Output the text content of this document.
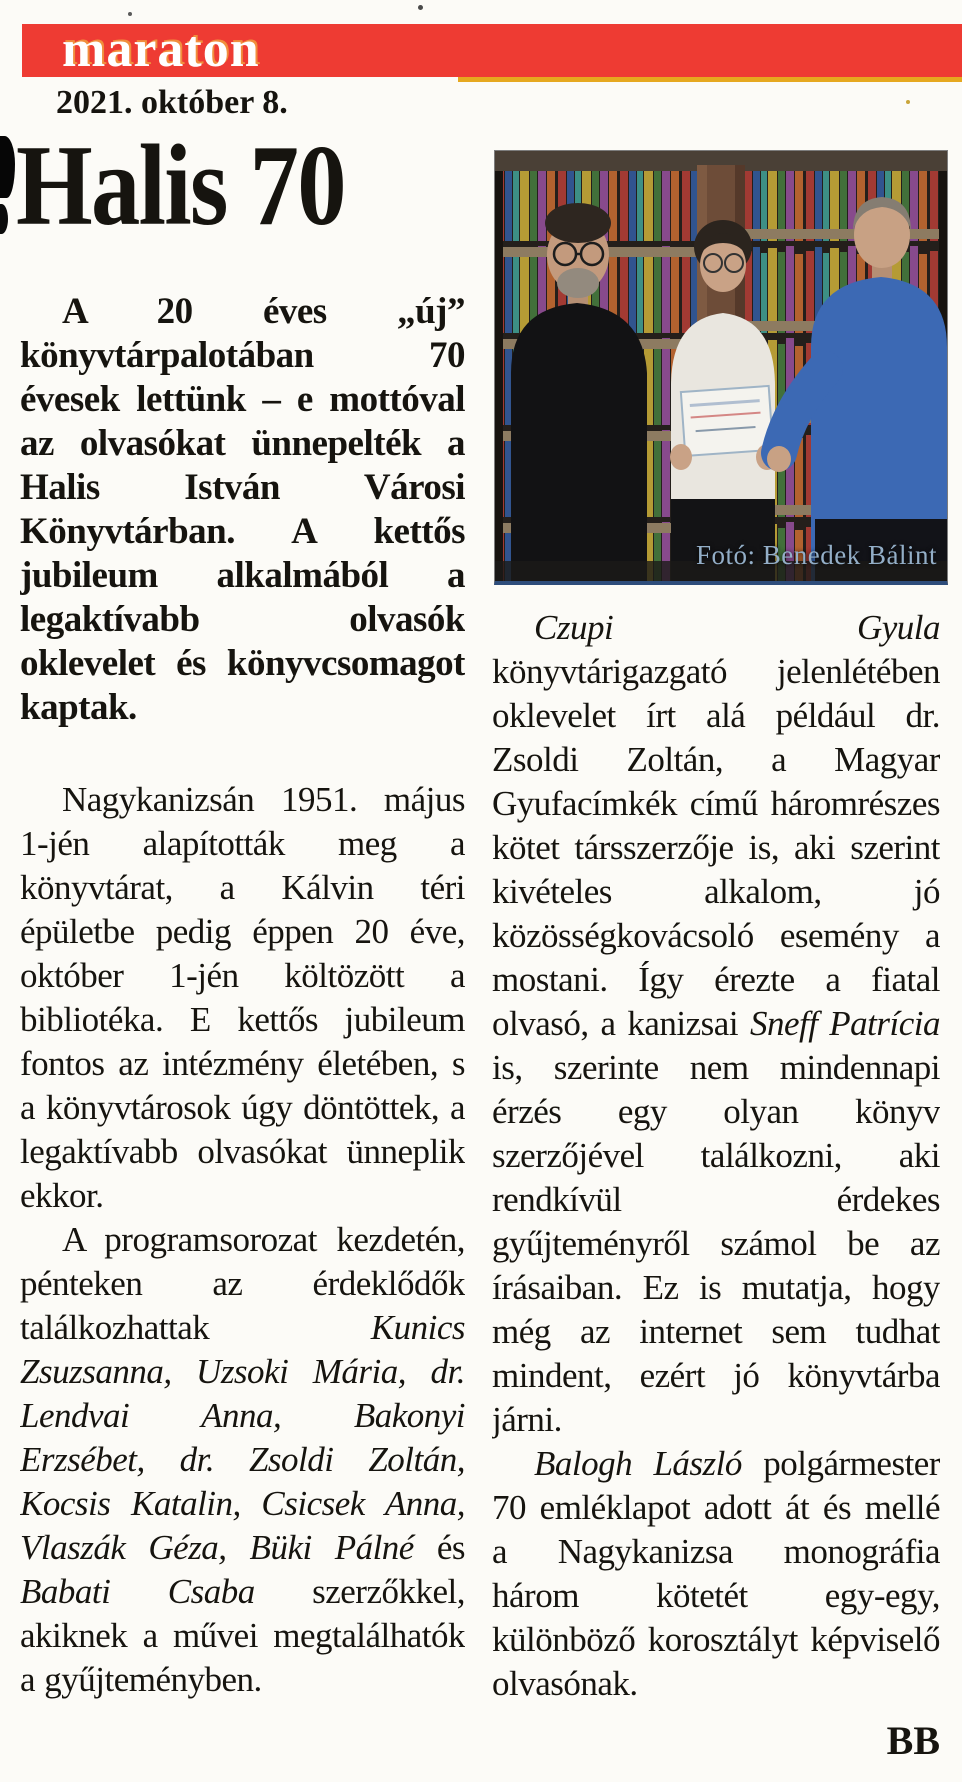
maraton
2021. október 8.
Halis 70
Fotó: Benedek Bálint

A 20 éves „új” könyvtárpalotában 70 évesek lettünk – e mottóval az olvasókat ünnepelték a Halis István Városi Könyvtárban. A kettős jubileum alkalmából a legaktívabb olvasók oklevelet és könyvcsomagot kaptak.

Nagykanizsán 1951. május 1-jén alapították meg a könyvtárat, a Kálvin téri épületbe pedig éppen 20 éve, október 1-jén költözött a bibliotéka. E kettős jubileum fontos az intézmény életében, s a könyvtárosok úgy döntöttek, a legaktívabb olvasókat ünneplik ekkor.

A programsorozat kezdetén, pénteken az érdeklődők találkozhattak Kunics Zsuzsanna, Uzsoki Mária, dr. Lendvai Anna, Bakonyi Erzsébet, dr. Zsoldi Zoltán, Kocsis Katalin, Csicsek Anna, Vlaszák Géza, Büki Pálné és Babati Csaba szerzőkkel, akiknek a művei megtalálhatók a gyűjteményben.

Czupi Gyula könyvtárigazgató jelenlétében oklevelet írt alá például dr. Zsoldi Zoltán, a Magyar Gyufacímkék című háromrészes kötet társszerzője is, aki szerint kivételes alkalom, jó közösségkovácsoló esemény a mostani. Így érezte a fiatal olvasó, a kanizsai Sneff Patrícia is, szerinte nem mindennapi érzés egy olyan könyv szerzőjével találkozni, aki rendkívül érdekes gyűjteményről számol be az írásaiban. Ez is mutatja, hogy még az internet sem tudhat mindent, ezért jó könyvtárba járni.

Balogh László polgármester 70 emléklapot adott át és mellé a Nagykanizsa monográfia három kötetét egy-egy, különböző korosztályt képviselő olvasónak.

BB
